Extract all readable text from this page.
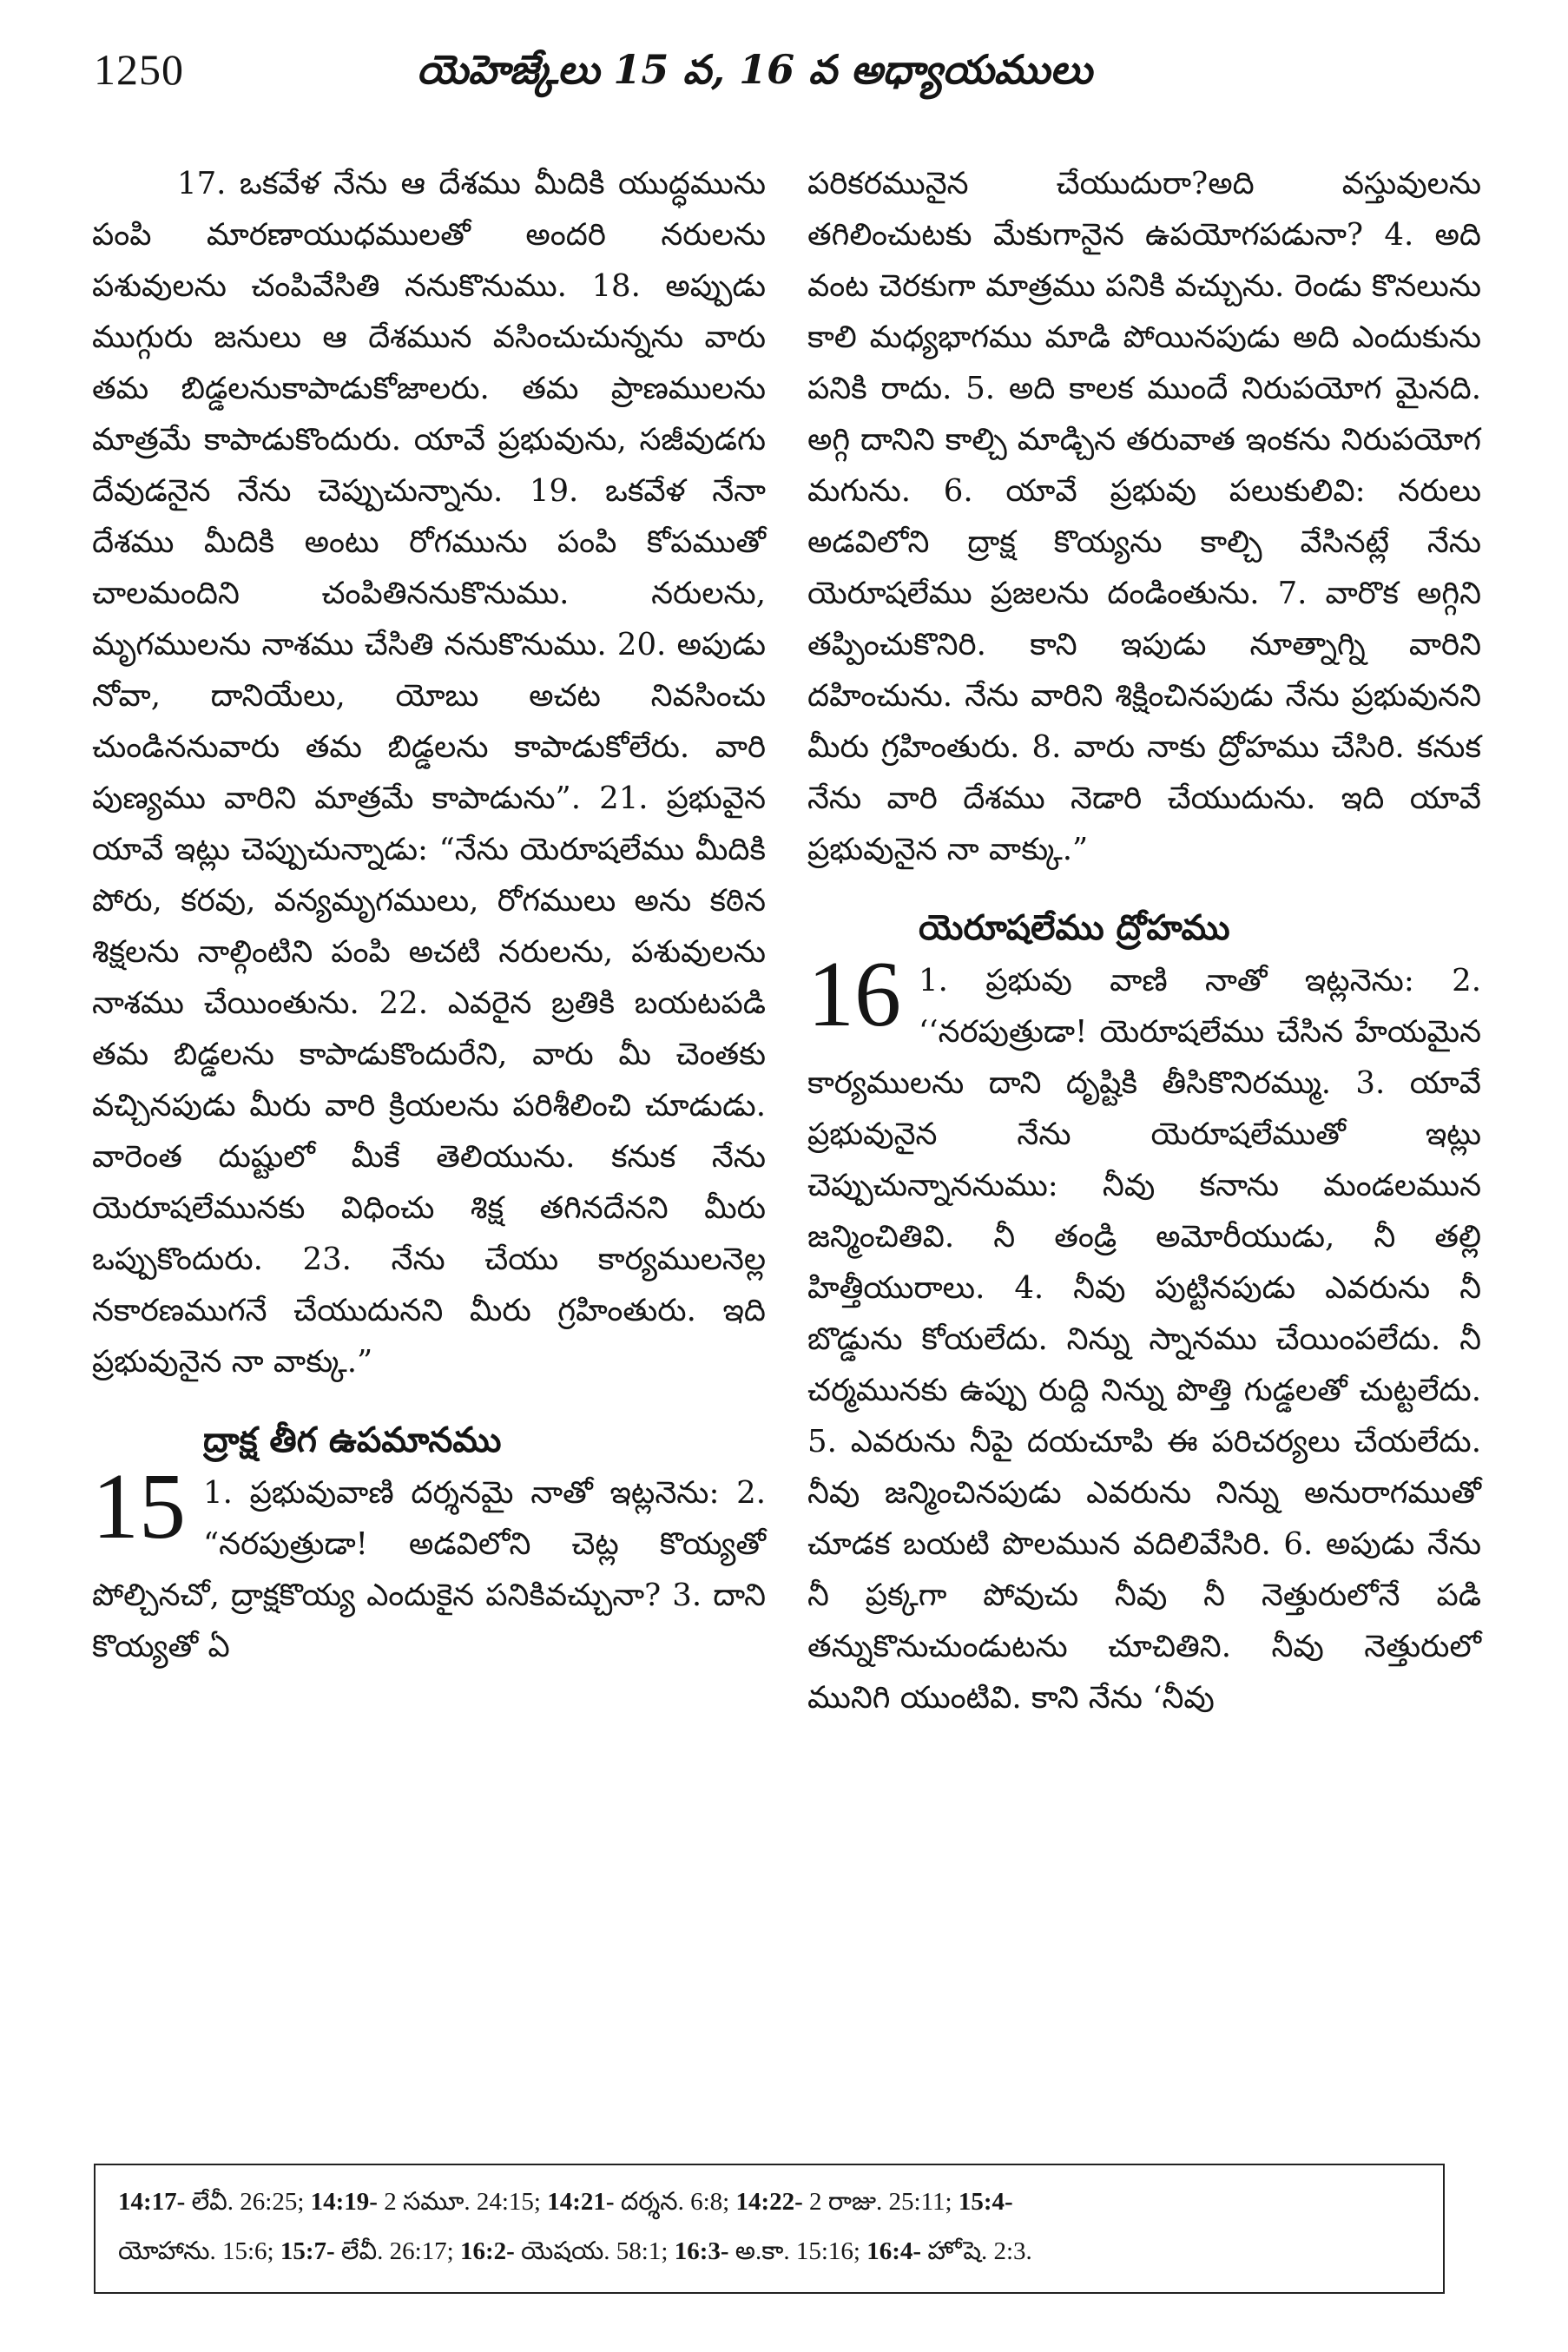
1250	యెహెజ్కేలు 15 వ, 16 వ అధ్యాయములు

17. ఒకవేళ నేను ఆ దేశము మీదికి యుద్ధమును పంపి మారణాయుధములతో అందరి నరులను పశువులను చంపివేసితి ననుకొనుము. 18. అప్పుడు ముగ్గురు జనులు ఆ దేశమున వసించుచున్నను వారు తమ బిడ్డలనుకాపాడుకోజాలరు. తమ ప్రాణములను మాత్రమే కాపాడుకొందురు. యావే ప్రభువును, సజీవుడగు దేవుడనైన నేను చెప్పుచున్నాను. 19. ఒకవేళ నేనా దేశము మీదికి అంటు రోగమును పంపి కోపముతో చాలమందిని చంపితిననుకొనుము. నరులను, మృగములను నాశము చేసితి ననుకొనుము. 20. అపుడు నోవా, దానియేలు, యోబు అచట నివసించు చుండిననువారు తమ బిడ్డలను కాపాడుకోలేరు. వారి పుణ్యము వారిని మాత్రమే కాపాడును”. 21. ప్రభువైన యావే ఇట్లు చెప్పుచున్నాడు: “నేను యెరూషలేము మీదికి పోరు, కరవు, వన్యమృగములు, రోగములు అను కఠిన శిక్షలను నాల్గింటిని పంపి అచటి నరులను, పశువులను నాశము చేయింతును. 22. ఎవరైన బ్రతికి బయటపడి తమ బిడ్డలను కాపాడుకొందురేని, వారు మీ చెంతకు వచ్చినపుడు మీరు వారి క్రియలను పరిశీలించి చూడుడు. వారెంత దుష్టులో మీకే తెలియును. కనుక నేను యెరూషలేమునకు విధించు శిక్ష తగినదేనని మీరు ఒప్పుకొందురు. 23. నేను చేయు కార్యములనెల్ల నకారణముగనే చేయుదునని మీరు గ్రహింతురు. ఇది ప్రభువునైన నా వాక్కు.”

15
ద్రాక్ష తీగ ఉపమానము

1. ప్రభువువాణి దర్శనమై నాతో ఇట్లనెను: 2. “నరపుత్రుడా! అడవిలోని చెట్ల కొయ్యతో పోల్చినచో, ద్రాక్షకొయ్య ఎందుకైన పనికివచ్చునా? 3. దాని కొయ్యతో ఏ

పరికరమునైన చేయుదురా?అది వస్తువులను తగిలించుటకు మేకుగానైన ఉపయోగపడునా? 4. అది వంట చెరకుగా మాత్రము పనికి వచ్చును. రెండు కొనలును కాలి మధ్యభాగము మాడి పోయినపుడు అది ఎందుకును పనికి రాదు. 5. అది కాలక ముందే నిరుపయోగ మైనది. అగ్గి దానిని కాల్చి మాడ్చిన తరువాత ఇంకను నిరుపయోగ మగును. 6. యావే ప్రభువు పలుకులివి: నరులు అడవిలోని ద్రాక్ష కొయ్యను కాల్చి వేసినట్లే నేను యెరూషలేము ప్రజలను దండింతును. 7. వారొక అగ్గిని తప్పించుకొనిరి. కాని ఇపుడు నూత్నాగ్ని వారిని దహించును. నేను వారిని శిక్షించినపుడు నేను ప్రభువునని మీరు గ్రహింతురు. 8. వారు నాకు ద్రోహము చేసిరి. కనుక నేను వారి దేశము నెడారి చేయుదును. ఇది యావే ప్రభువునైన నా వాక్కు.”

16
యెరూషలేము ద్రోహము

1. ప్రభువు వాణి నాతో ఇట్లనెను: 2. ‘‘నరపుత్రుడా! యెరూషలేము చేసిన హేయమైన కార్యములను దాని దృష్టికి తీసికొనిరమ్ము. 3. యావే ప్రభువునైన నేను యెరూషలేముతో ఇట్లు చెప్పుచున్నాననుము: నీవు కనాను మండలమున జన్మించితివి. నీ తండ్రి అమోరీయుడు, నీ తల్లి హిత్తీయురాలు. 4. నీవు పుట్టినపుడు ఎవరును నీ బొడ్డును కోయలేదు. నిన్ను స్నానము చేయింపలేదు. నీ చర్మమునకు ఉప్పు రుద్ది నిన్ను పొత్తి గుడ్డలతో చుట్టలేదు. 5. ఎవరును నీపై దయచూపి ఈ పరిచర్యలు చేయలేదు. నీవు జన్మించినపుడు ఎవరును నిన్ను అనురాగముతో చూడక బయటి పొలమున వదిలివేసిరి. 6. అపుడు నేను నీ ప్రక్కగా పోవుచు నీవు నీ నెత్తురులోనే పడి తన్నుకొనుచుండుటను చూచితిని. నీవు నెత్తురులో మునిగి యుంటివి. కాని నేను ‘నీవు

14:17- లేవీ. 26:25; 14:19- 2 సమూ. 24:15; 14:21- దర్శన. 6:8; 14:22- 2 రాజు. 25:11; 15:4-
యోహాను. 15:6; 15:7- లేవీ. 26:17; 16:2- యెషయ. 58:1; 16:3- అ.కా. 15:16; 16:4- హోషె. 2:3.
